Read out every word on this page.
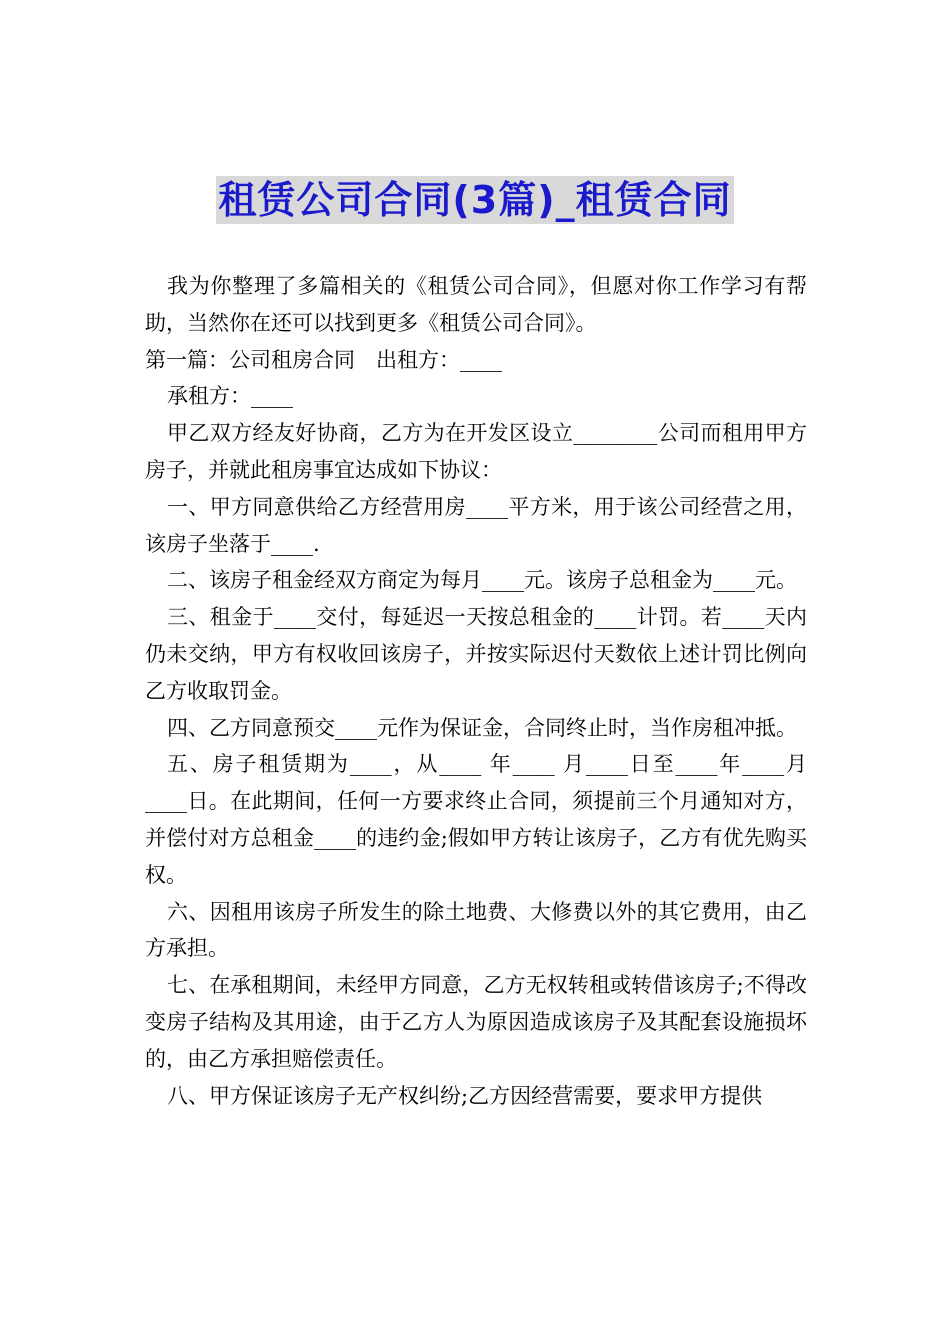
租赁公司合同(3篇)_租赁合同

我为你整理了多篇相关的《租赁公司合同》，但愿对你工作学习有帮助，当然你在还可以找到更多《租赁公司合同》。

第一篇：公司租房合同　出租方：____

承租方：____

甲乙双方经友好协商，乙方为在开发区设立________公司而租用甲方房子，并就此租房事宜达成如下协议：

一、甲方同意供给乙方经营用房____平方米，用于该公司经营之用，该房子坐落于____.

二、该房子租金经双方商定为每月____元。该房子总租金为____元。

三、租金于____交付，每延迟一天按总租金的____计罚。若____天内仍未交纳，甲方有权收回该房子，并按实际迟付天数依上述计罚比例向乙方收取罚金。

四、乙方同意预交____元作为保证金，合同终止时，当作房租冲抵。

五、房子租赁期为____，从____ 年____ 月____日至____年____月____日。在此期间，任何一方要求终止合同，须提前三个月通知对方，并偿付对方总租金____的违约金;假如甲方转让该房子，乙方有优先购买权。

六、因租用该房子所发生的除土地费、大修费以外的其它费用，由乙方承担。

七、在承租期间，未经甲方同意，乙方无权转租或转借该房子;不得改变房子结构及其用途，由于乙方人为原因造成该房子及其配套设施损坏的，由乙方承担赔偿责任。

八、甲方保证该房子无产权纠纷;乙方因经营需要，要求甲方提供
